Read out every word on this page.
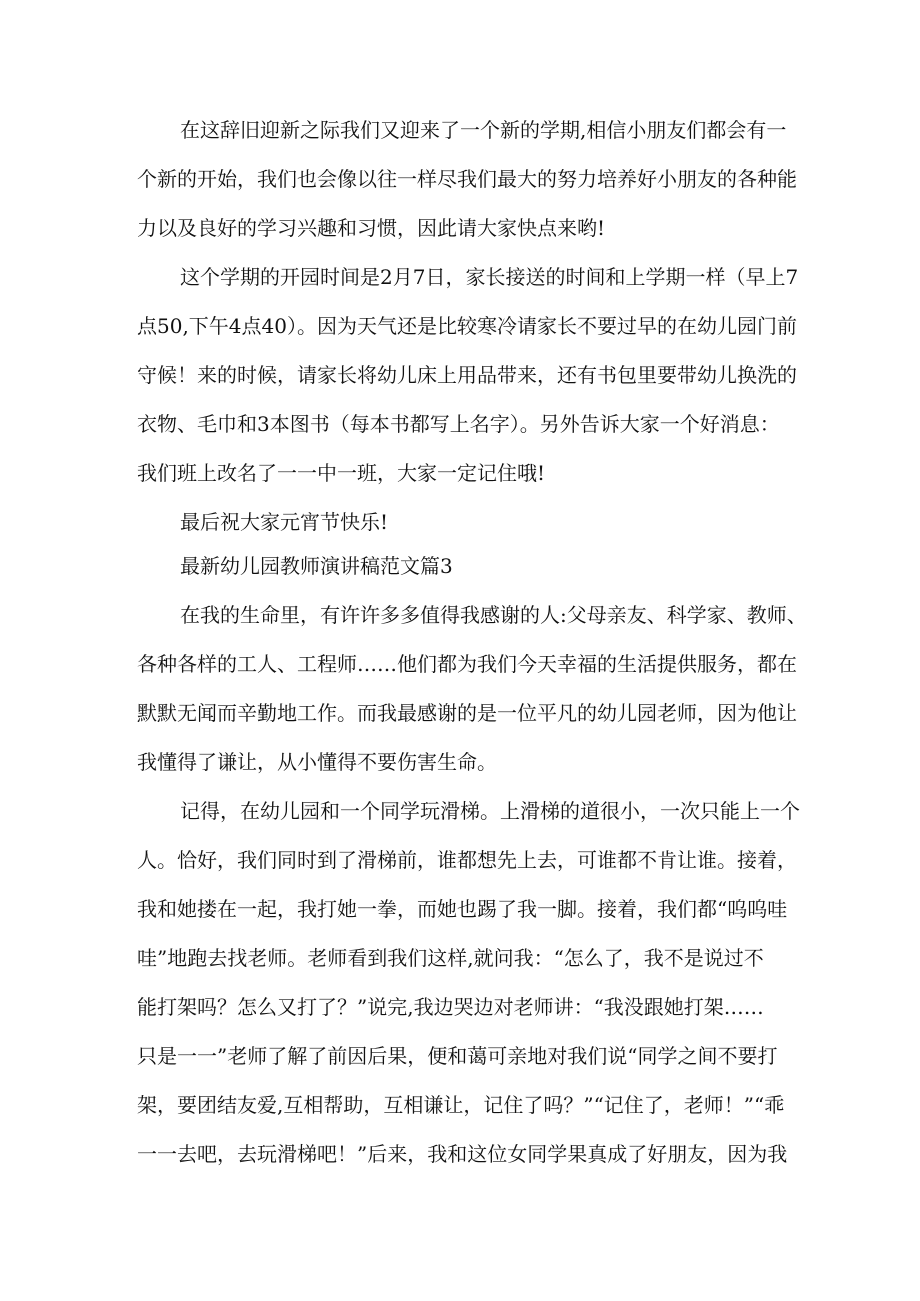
在这辞旧迎新之际我们又迎来了一个新的学期,相信小朋友们都会有一
个新的开始，我们也会像以往一样尽我们最大的努力培养好小朋友的各种能
力以及良好的学习兴趣和习惯，因此请大家快点来哟!
这个学期的开园时间是2月7日，家长接送的时间和上学期一样（早上7
点50,下午4点40）。因为天气还是比较寒冷请家长不要过早的在幼儿园门前
守候！来的时候，请家长将幼儿床上用品带来，还有书包里要带幼儿换洗的
衣物、毛巾和3本图书（每本书都写上名字）。另外告诉大家一个好消息：
我们班上改名了一一中一班，大家一定记住哦!
最后祝大家元宵节快乐!
最新幼儿园教师演讲稿范文篇3
在我的生命里，有许许多多值得我感谢的人:父母亲友、科学家、教师、
各种各样的工人、工程师……他们都为我们今天幸福的生活提供服务，都在
默默无闻而辛勤地工作。而我最感谢的是一位平凡的幼儿园老师，因为他让
我懂得了谦让，从小懂得不要伤害生命。
记得，在幼儿园和一个同学玩滑梯。上滑梯的道很小，一次只能上一个
人。恰好，我们同时到了滑梯前，谁都想先上去，可谁都不肯让谁。接着，
我和她搂在一起，我打她一拳，而她也踢了我一脚。接着，我们都“呜呜哇
哇”地跑去找老师。老师看到我们这样,就问我：“怎么了，我不是说过不
能打架吗？怎么又打了？”说完,我边哭边对老师讲：“我没跟她打架……
只是一一”老师了解了前因后果，便和蔼可亲地对我们说“同学之间不要打
架，要团结友爱,互相帮助，互相谦让，记住了吗？”“记住了，老师！”“乖
一一去吧，去玩滑梯吧！”后来，我和这位女同学果真成了好朋友，因为我
